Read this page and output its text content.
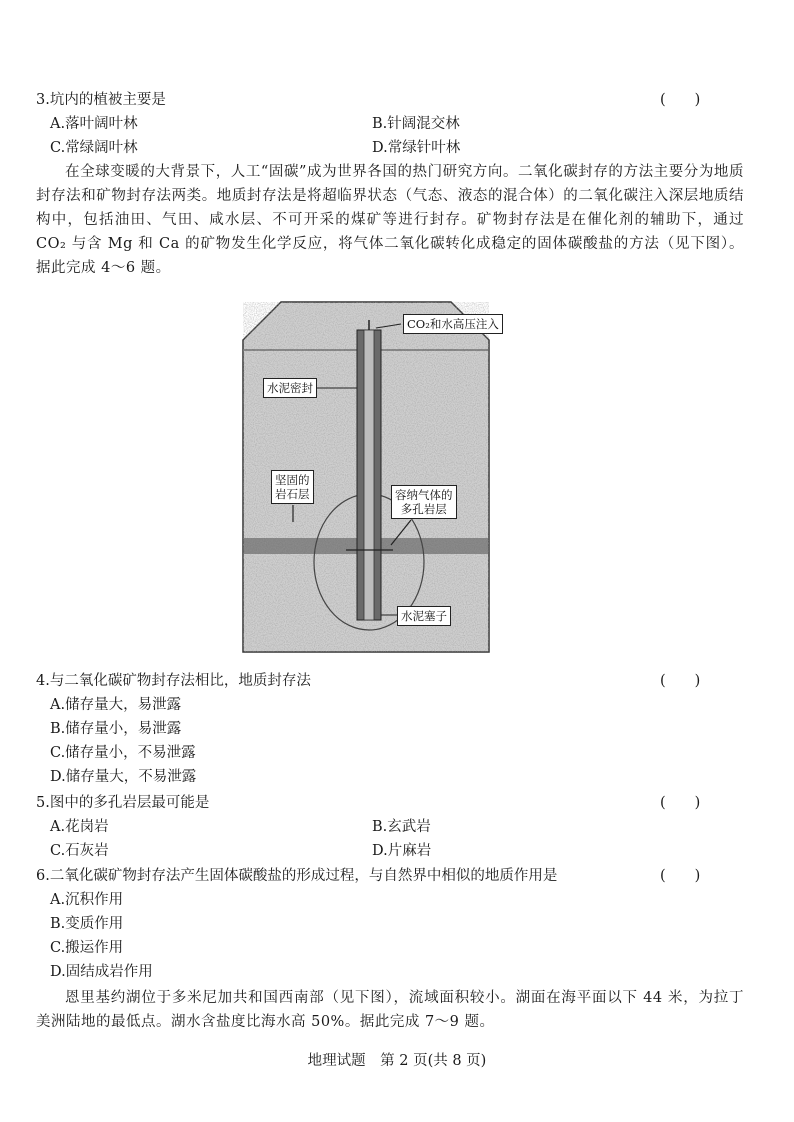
3.坑内的植被主要是	(　　)
A.落叶阔叶林	B.针阔混交林
C.常绿阔叶林	D.常绿针叶林
在全球变暖的大背景下，人工“固碳”成为世界各国的热门研究方向。二氧化碳封存的方法主要分为地质封存法和矿物封存法两类。地质封存法是将超临界状态（气态、液态的混合体）的二氧化碳注入深层地质结构中，包括油田、气田、咸水层、不可开采的煤矿等进行封存。矿物封存法是在催化剂的辅助下，通过 CO₂ 与含 Mg 和 Ca 的矿物发生化学反应，将气体二氧化碳转化成稳定的固体碳酸盐的方法（见下图）。据此完成 4～6 题。
CO₂和水高压注入
水泥密封
坚固的
岩石层	容纳气体的
多孔岩层
水泥塞子
4.与二氧化碳矿物封存法相比，地质封存法	(　　)
A.储存量大，易泄露
B.储存量小，易泄露
C.储存量小，不易泄露
D.储存量大，不易泄露
5.图中的多孔岩层最可能是	(　　)
A.花岗岩	B.玄武岩
C.石灰岩	D.片麻岩
6.二氧化碳矿物封存法产生固体碳酸盐的形成过程，与自然界中相似的地质作用是	(　　)
A.沉积作用
B.变质作用
C.搬运作用
D.固结成岩作用
恩里基约湖位于多米尼加共和国西南部（见下图），流域面积较小。湖面在海平面以下 44 米，为拉丁美洲陆地的最低点。湖水含盐度比海水高 50%。据此完成 7～9 题。
地理试题　第 2 页(共 8 页)
